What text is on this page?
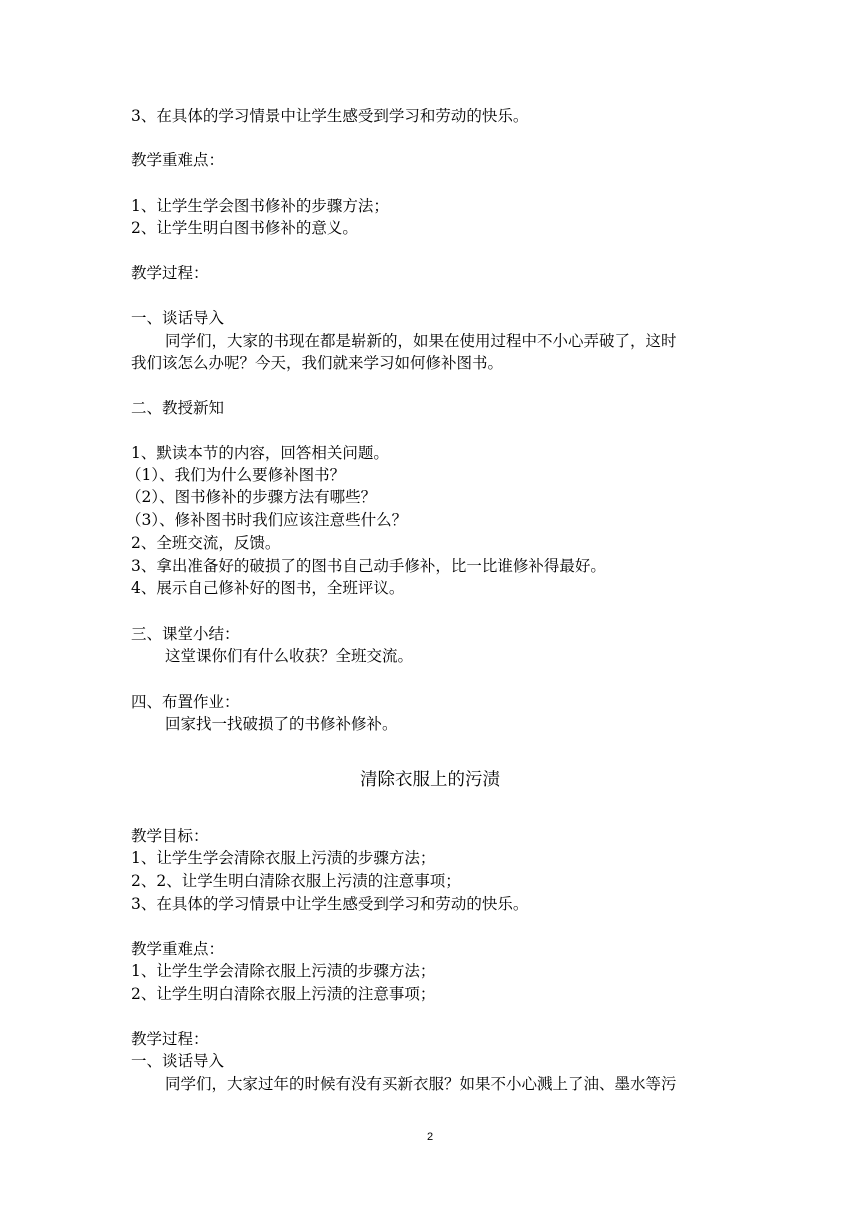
3、在具体的学习情景中让学生感受到学习和劳动的快乐。
教学重难点：
1、让学生学会图书修补的步骤方法；
2、让学生明白图书修补的意义。
教学过程：
一、谈话导入
同学们，大家的书现在都是崭新的，如果在使用过程中不小心弄破了，这时
我们该怎么办呢？今天，我们就来学习如何修补图书。
二、教授新知
1、默读本节的内容，回答相关问题。
（1）、我们为什么要修补图书？
（2）、图书修补的步骤方法有哪些？
（3）、修补图书时我们应该注意些什么？
2、全班交流，反馈。
3、拿出准备好的破损了的图书自己动手修补，比一比谁修补得最好。
4、展示自己修补好的图书，全班评议。
三、课堂小结：
这堂课你们有什么收获？全班交流。
四、布置作业：
回家找一找破损了的书修补修补。
清除衣服上的污渍
教学目标：
1、让学生学会清除衣服上污渍的步骤方法；
2、2、让学生明白清除衣服上污渍的注意事项；
3、在具体的学习情景中让学生感受到学习和劳动的快乐。
教学重难点：
1、让学生学会清除衣服上污渍的步骤方法；
2、让学生明白清除衣服上污渍的注意事项；
教学过程：
一、谈话导入
同学们，大家过年的时候有没有买新衣服？如果不小心溅上了油、墨水等污
2
